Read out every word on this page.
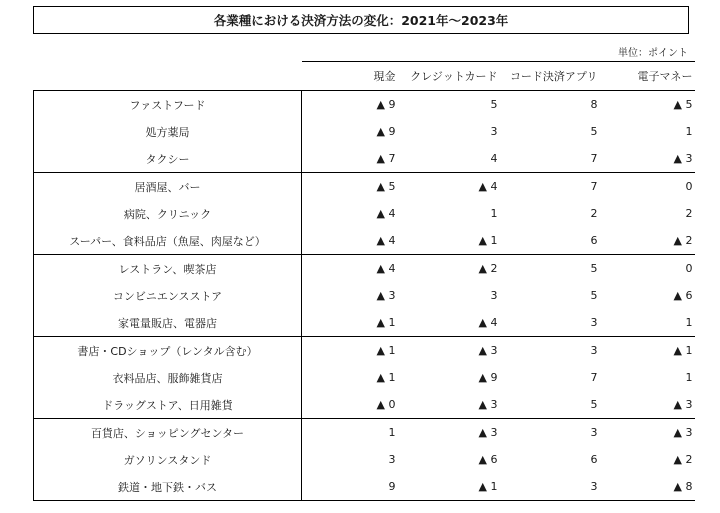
各業種における決済方法の変化：2021年～2023年
単位：ポイント
	現金	クレジットカード	コード決済アプリ	電子マネー
ファストフード	▲ 9	5	8	▲ 5
処方薬局	▲ 9	3	5	1
タクシー	▲ 7	4	7	▲ 3
居酒屋、バー	▲ 5	▲ 4	7	0
病院、クリニック	▲ 4	1	2	2
スーパー、食料品店（魚屋、肉屋など）	▲ 4	▲ 1	6	▲ 2
レストラン、喫茶店	▲ 4	▲ 2	5	0
コンビニエンスストア	▲ 3	3	5	▲ 6
家電量販店、電器店	▲ 1	▲ 4	3	1
書店・CDショップ（レンタル含む）	▲ 1	▲ 3	3	▲ 1
衣料品店、服飾雑貨店	▲ 1	▲ 9	7	1
ドラッグストア、日用雑貨	▲ 0	▲ 3	5	▲ 3
百貨店、ショッピングセンター	1	▲ 3	3	▲ 3
ガソリンスタンド	3	▲ 6	6	▲ 2
鉄道・地下鉄・バス	9	▲ 1	3	▲ 8
